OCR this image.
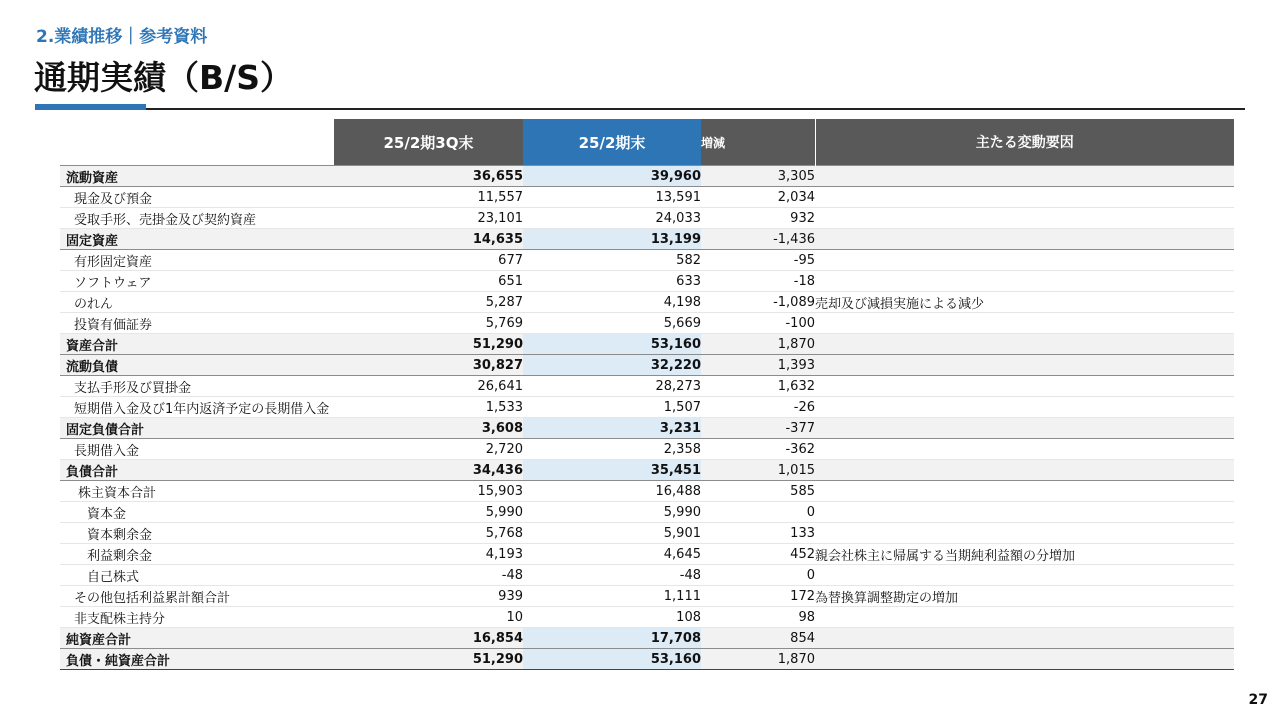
2.業績推移｜参考資料
通期実績（B/S）
	25/2期3Q末	25/2期末	増減	主たる変動要因
流動資産	36,655	39,960	3,305	
現金及び預金	11,557	13,591	2,034	
受取手形、売掛金及び契約資産	23,101	24,033	932	
固定資産	14,635	13,199	-1,436	
有形固定資産	677	582	-95	
ソフトウェア	651	633	-18	
のれん	5,287	4,198	-1,089	売却及び減損実施による減少
投資有価証券	5,769	5,669	-100	
資産合計	51,290	53,160	1,870	
流動負債	30,827	32,220	1,393	
支払手形及び買掛金	26,641	28,273	1,632	
短期借入金及び1年内返済予定の長期借入金	1,533	1,507	-26	
固定負債合計	3,608	3,231	-377	
長期借入金	2,720	2,358	-362	
負債合計	34,436	35,451	1,015	
株主資本合計	15,903	16,488	585	
資本金	5,990	5,990	0	
資本剰余金	5,768	5,901	133	
利益剰余金	4,193	4,645	452	親会社株主に帰属する当期純利益額の分増加
自己株式	-48	-48	0	
その他包括利益累計額合計	939	1,111	172	為替換算調整勘定の増加
非支配株主持分	10	108	98	
純資産合計	16,854	17,708	854	
負債・純資産合計	51,290	53,160	1,870	
27
